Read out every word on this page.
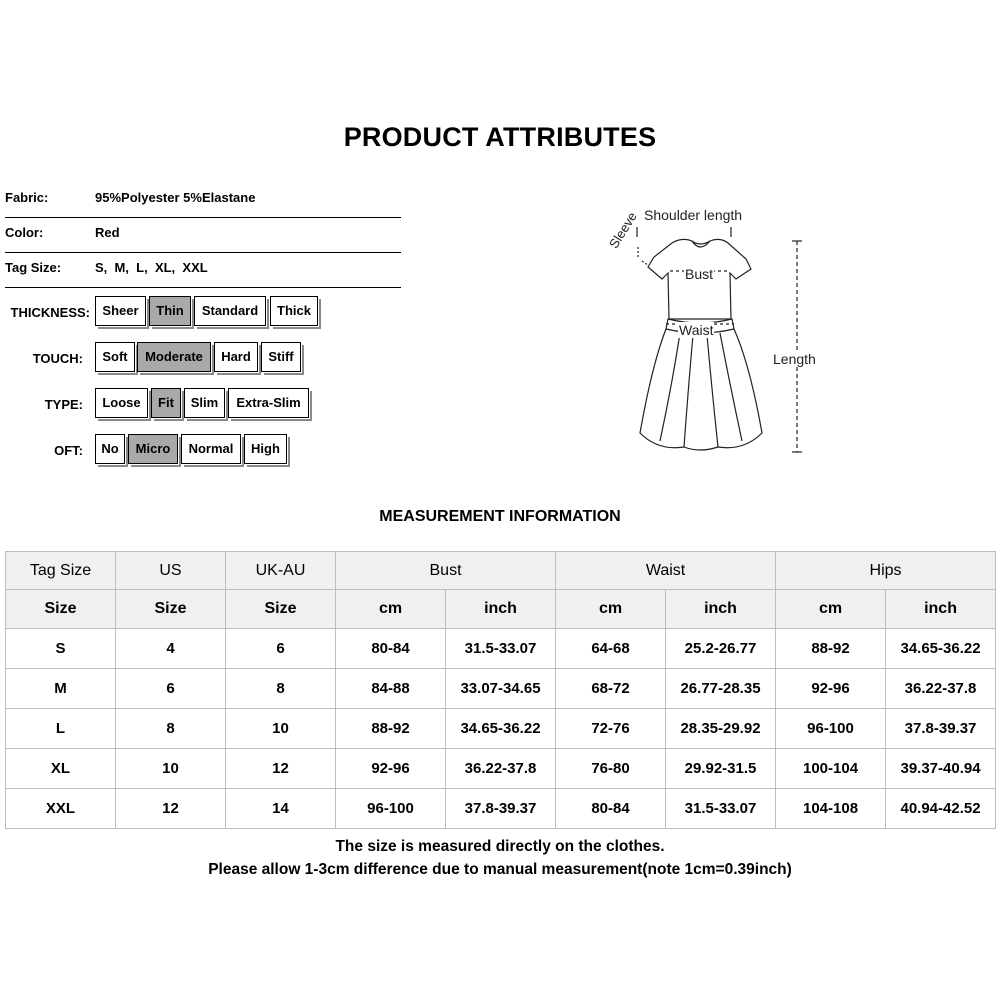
PRODUCT ATTRIBUTES
Fabric:	95%Polyester 5%Elastane
Color:	Red
Tag Size:	S,  M,  L,  XL,  XXL
THICKNESS: Sheer	Thin	Standard	Thick
TOUCH:	Soft	Moderate	Hard	Stiff
TYPE:	Loose	Fit	Slim	Extra-Slim
OFT:	No	Micro	Normal	High
Shoulder length
Sleeve
Bust
Waist
Length
MEASUREMENT INFORMATION
Tag Size	US	UK-AU	Bust		Waist		Hips	
Size	Size	Size	cm	inch	cm	inch	cm	inch
S	4	6	80-84	31.5-33.07	64-68	25.2-26.77	88-92	34.65-36.22
M	6	8	84-88	33.07-34.65	68-72	26.77-28.35	92-96	36.22-37.8
L	8	10	88-92	34.65-36.22	72-76	28.35-29.92	96-100	37.8-39.37
XL	10	12	92-96	36.22-37.8	76-80	29.92-31.5	100-104	39.37-40.94
XXL	12	14	96-100	37.8-39.37	80-84	31.5-33.07	104-108	40.94-42.52
The size is measured directly on the clothes.
Please allow 1-3cm difference due to manual measurement(note 1cm=0.39inch)
